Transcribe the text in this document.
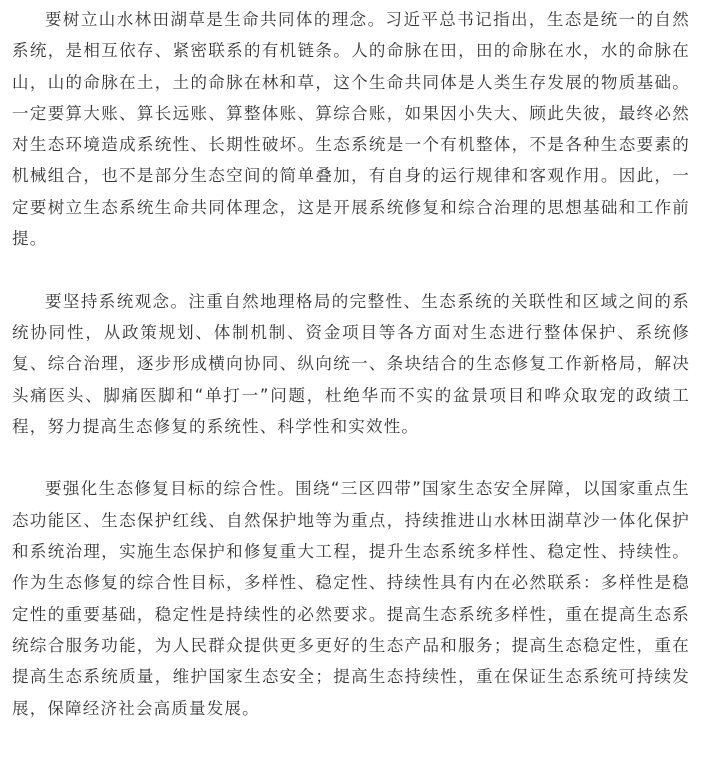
要树立山水林田湖草是生命共同体的理念。习近平总书记指出，生态是统一的自然系统，是相互依存、紧密联系的有机链条。人的命脉在田，田的命脉在水，水的命脉在山，山的命脉在土，土的命脉在林和草，这个生命共同体是人类生存发展的物质基础。一定要算大账、算长远账、算整体账、算综合账，如果因小失大、顾此失彼，最终必然对生态环境造成系统性、长期性破坏。生态系统是一个有机整体，不是各种生态要素的机械组合，也不是部分生态空间的简单叠加，有自身的运行规律和客观作用。因此，一定要树立生态系统生命共同体理念，这是开展系统修复和综合治理的思想基础和工作前提。

要坚持系统观念。注重自然地理格局的完整性、生态系统的关联性和区域之间的系统协同性，从政策规划、体制机制、资金项目等各方面对生态进行整体保护、系统修复、综合治理，逐步形成横向协同、纵向统一、条块结合的生态修复工作新格局，解决头痛医头、脚痛医脚和“单打一”问题，杜绝华而不实的盆景项目和哗众取宠的政绩工程，努力提高生态修复的系统性、科学性和实效性。

要强化生态修复目标的综合性。围绕“三区四带”国家生态安全屏障，以国家重点生态功能区、生态保护红线、自然保护地等为重点，持续推进山水林田湖草沙一体化保护和系统治理，实施生态保护和修复重大工程，提升生态系统多样性、稳定性、持续性。作为生态修复的综合性目标，多样性、稳定性、持续性具有内在必然联系：多样性是稳定性的重要基础，稳定性是持续性的必然要求。提高生态系统多样性，重在提高生态系统综合服务功能，为人民群众提供更多更好的生态产品和服务；提高生态稳定性，重在提高生态系统质量，维护国家生态安全；提高生态持续性，重在保证生态系统可持续发展，保障经济社会高质量发展。
